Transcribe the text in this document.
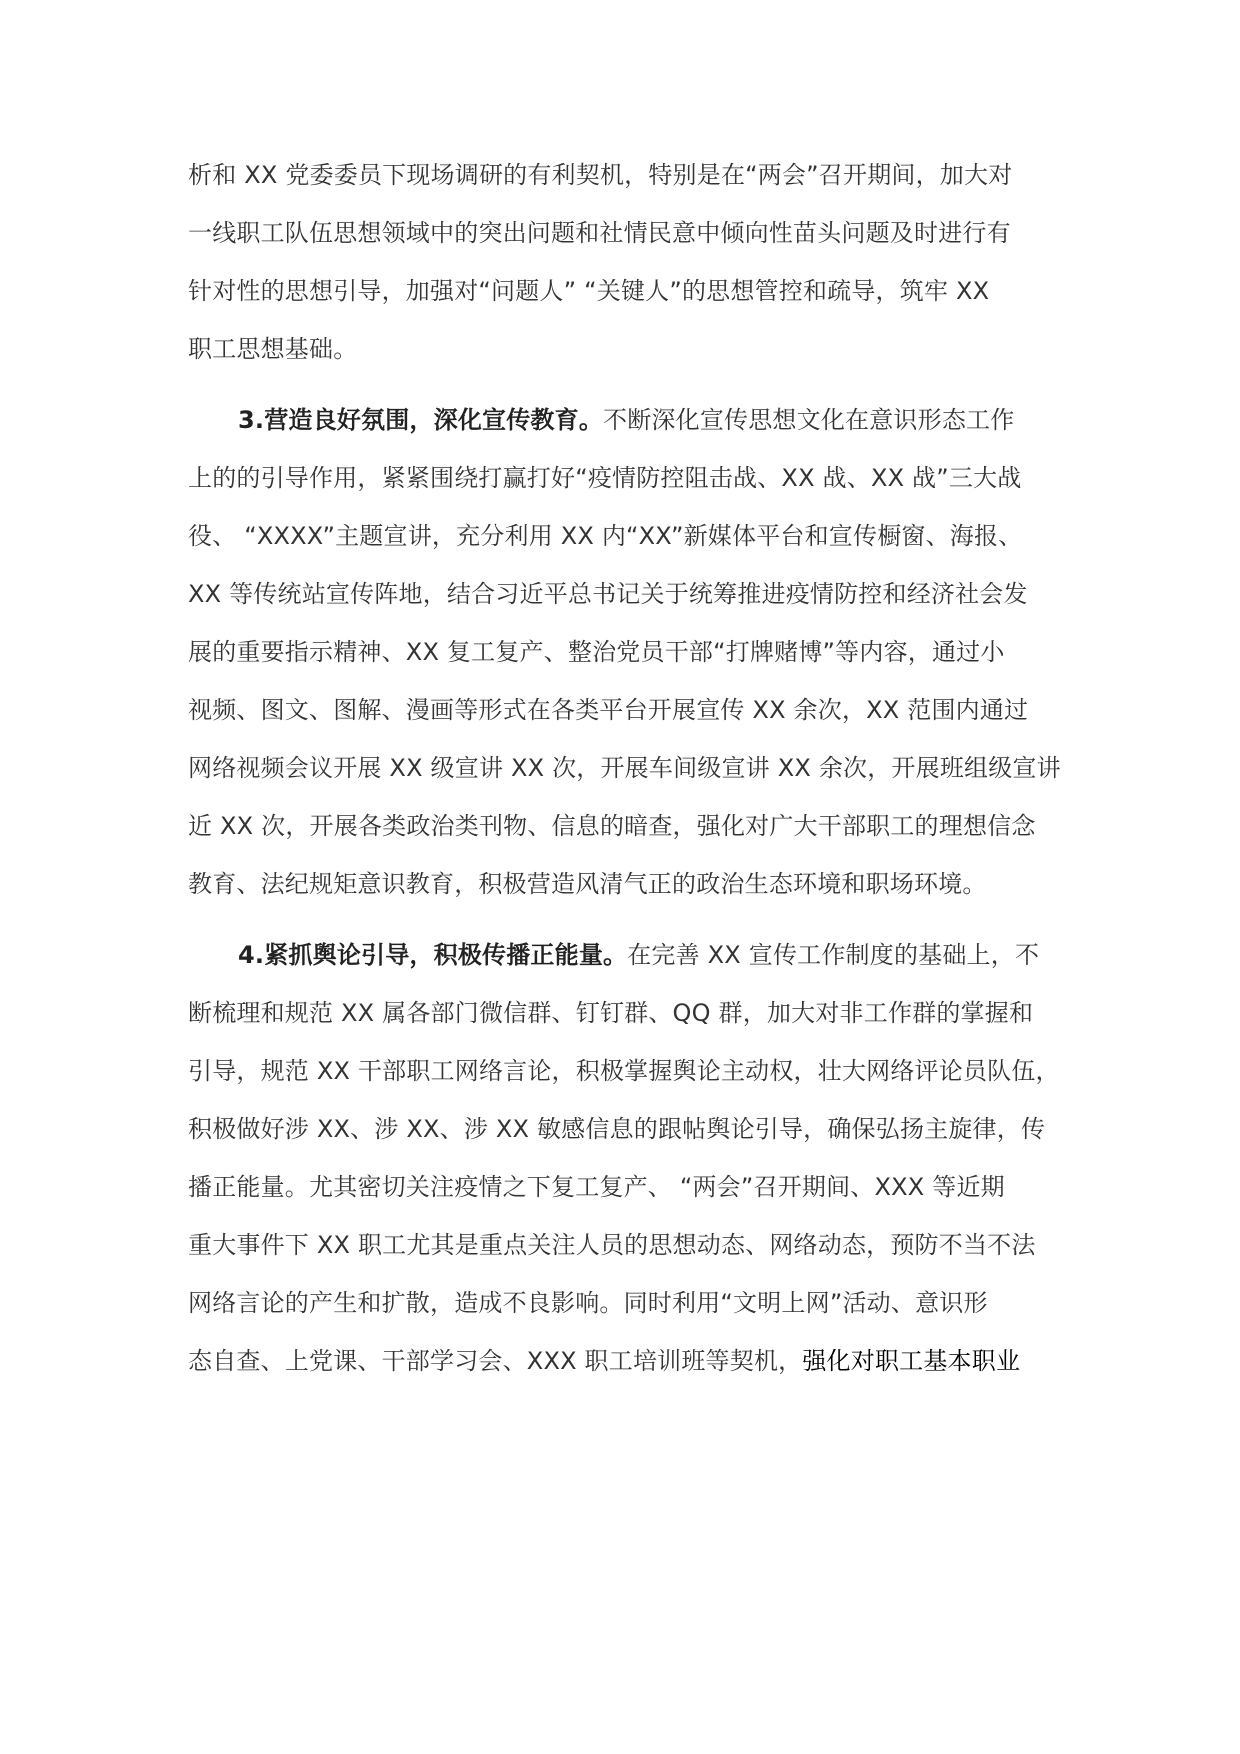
析和 XX 党委委员下现场调研的有利契机，特别是在“两会”召开期间，加大对
一线职工队伍思想领域中的突出问题和社情民意中倾向性苗头问题及时进行有
针对性的思想引导，加强对“问题人” “关键人”的思想管控和疏导，筑牢 XX
职工思想基础。
3.营造良好氛围，深化宣传教育。不断深化宣传思想文化在意识形态工作
上的的引导作用，紧紧围绕打赢打好“疫情防控阻击战、XX 战、XX 战”三大战
役、 “XXXX”主题宣讲，充分利用 XX 内“XX”新媒体平台和宣传橱窗、海报、
XX 等传统站宣传阵地，结合习近平总书记关于统筹推进疫情防控和经济社会发
展的重要指示精神、XX 复工复产、整治党员干部“打牌赌博”等内容，通过小
视频、图文、图解、漫画等形式在各类平台开展宣传 XX 余次，XX 范围内通过
网络视频会议开展 XX 级宣讲 XX 次，开展车间级宣讲 XX 余次，开展班组级宣讲
近 XX 次，开展各类政治类刊物、信息的暗查，强化对广大干部职工的理想信念
教育、法纪规矩意识教育，积极营造风清气正的政治生态环境和职场环境。
4.紧抓舆论引导，积极传播正能量。在完善 XX 宣传工作制度的基础上，不
断梳理和规范 XX 属各部门微信群、钉钉群、QQ 群，加大对非工作群的掌握和
引导，规范 XX 干部职工网络言论，积极掌握舆论主动权，壮大网络评论员队伍，
积极做好涉 XX、涉 XX、涉 XX 敏感信息的跟帖舆论引导，确保弘扬主旋律，传
播正能量。尤其密切关注疫情之下复工复产、 “两会”召开期间、XXX 等近期
重大事件下 XX 职工尤其是重点关注人员的思想动态、网络动态，预防不当不法
网络言论的产生和扩散，造成不良影响。同时利用“文明上网”活动、意识形
态自查、上党课、干部学习会、XXX 职工培训班等契机，强化对职工基本职业
